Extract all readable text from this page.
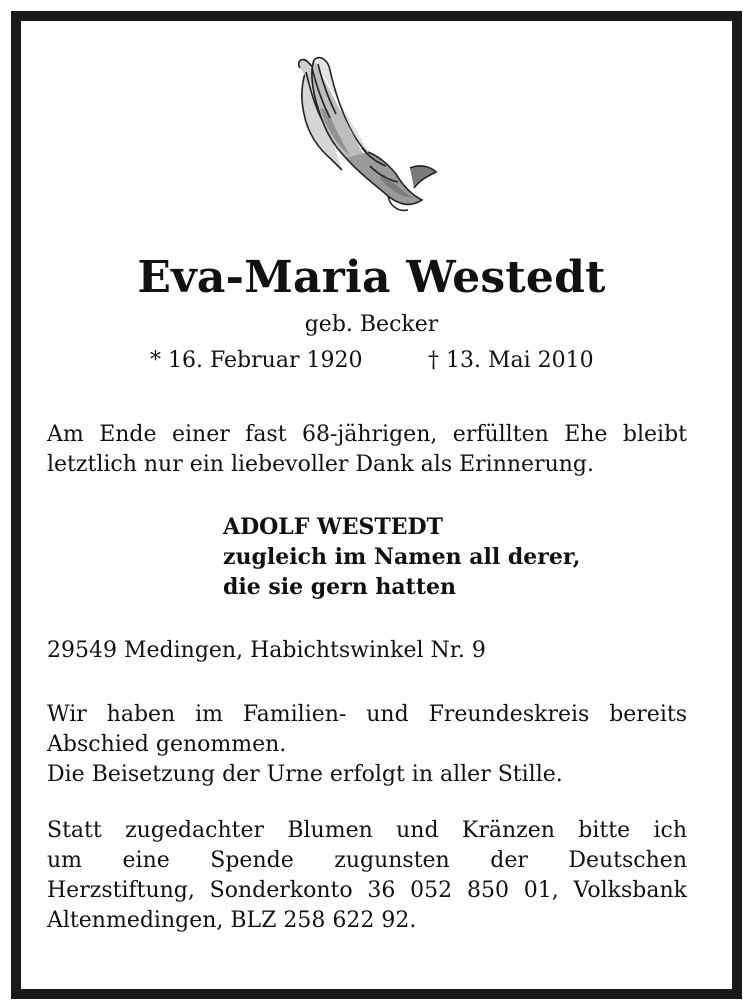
Eva-Maria Westedt
geb. Becker
* 16. Februar 1920	† 13. Mai 2010
Am Ende einer fast 68-jährigen, erfüllten Ehe bleibt
letztlich nur ein liebevoller Dank als Erinnerung.
ADOLF WESTEDT
zugleich im Namen all derer,
die sie gern hatten
29549 Medingen, Habichtswinkel Nr. 9
Wir haben im Familien- und Freundeskreis bereits
Abschied genommen.
Die Beisetzung der Urne erfolgt in aller Stille.
Statt zugedachter Blumen und Kränzen bitte ich
um eine Spende zugunsten der Deutschen
Herzstiftung, Sonderkonto 36 052 850 01, Volksbank
Altenmedingen, BLZ 258 622 92.
